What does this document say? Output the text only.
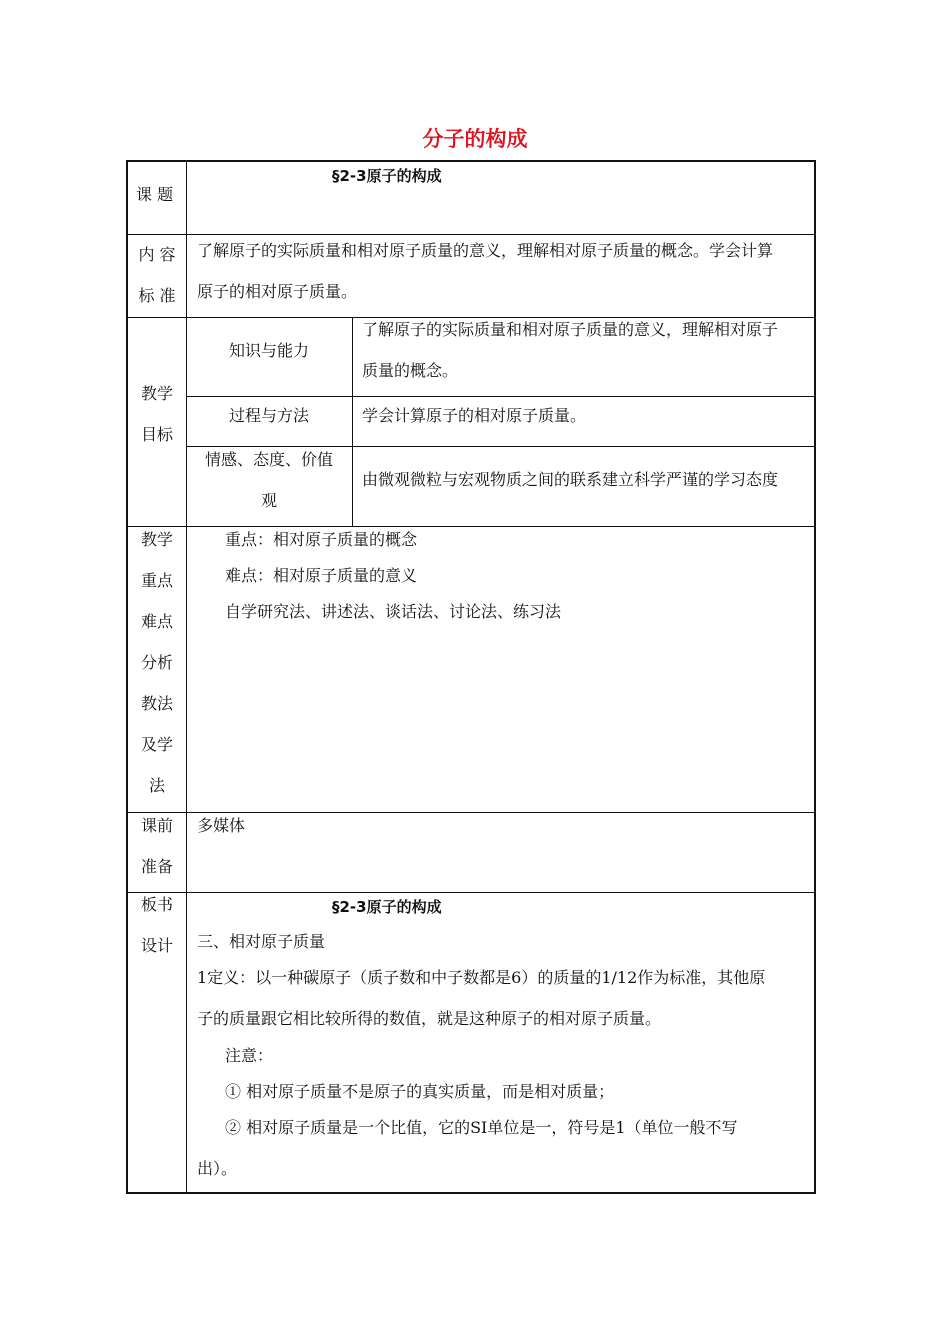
分子的构成
课 题
§2-3原子的构成
内 容
标 准
了解原子的实际质量和相对原子质量的意义，理解相对原子质量的概念。学会计算
原子的相对原子质量。
教学
目标
知识与能力
了解原子的实际质量和相对原子质量的意义，理解相对原子
质量的概念。
过程与方法	学会计算原子的相对原子质量。
情感、态度、价值
观
由微观微粒与宏观物质之间的联系建立科学严谨的学习态度
教学
重点
难点
分析
教法
及学
法
重点：相对原子质量的概念
难点：相对原子质量的意义
自学研究法、讲述法、谈话法、讨论法、练习法
课前
准备
多媒体
板书
设计
§2-3原子的构成
三、相对原子质量
1定义：以一种碳原子（质子数和中子数都是6）的质量的1/12作为标准，其他原
子的质量跟它相比较所得的数值，就是这种原子的相对原子质量。
注意：
① 相对原子质量不是原子的真实质量，而是相对质量；
② 相对原子质量是一个比值，它的SI单位是一，符号是1（单位一般不写
出）。
